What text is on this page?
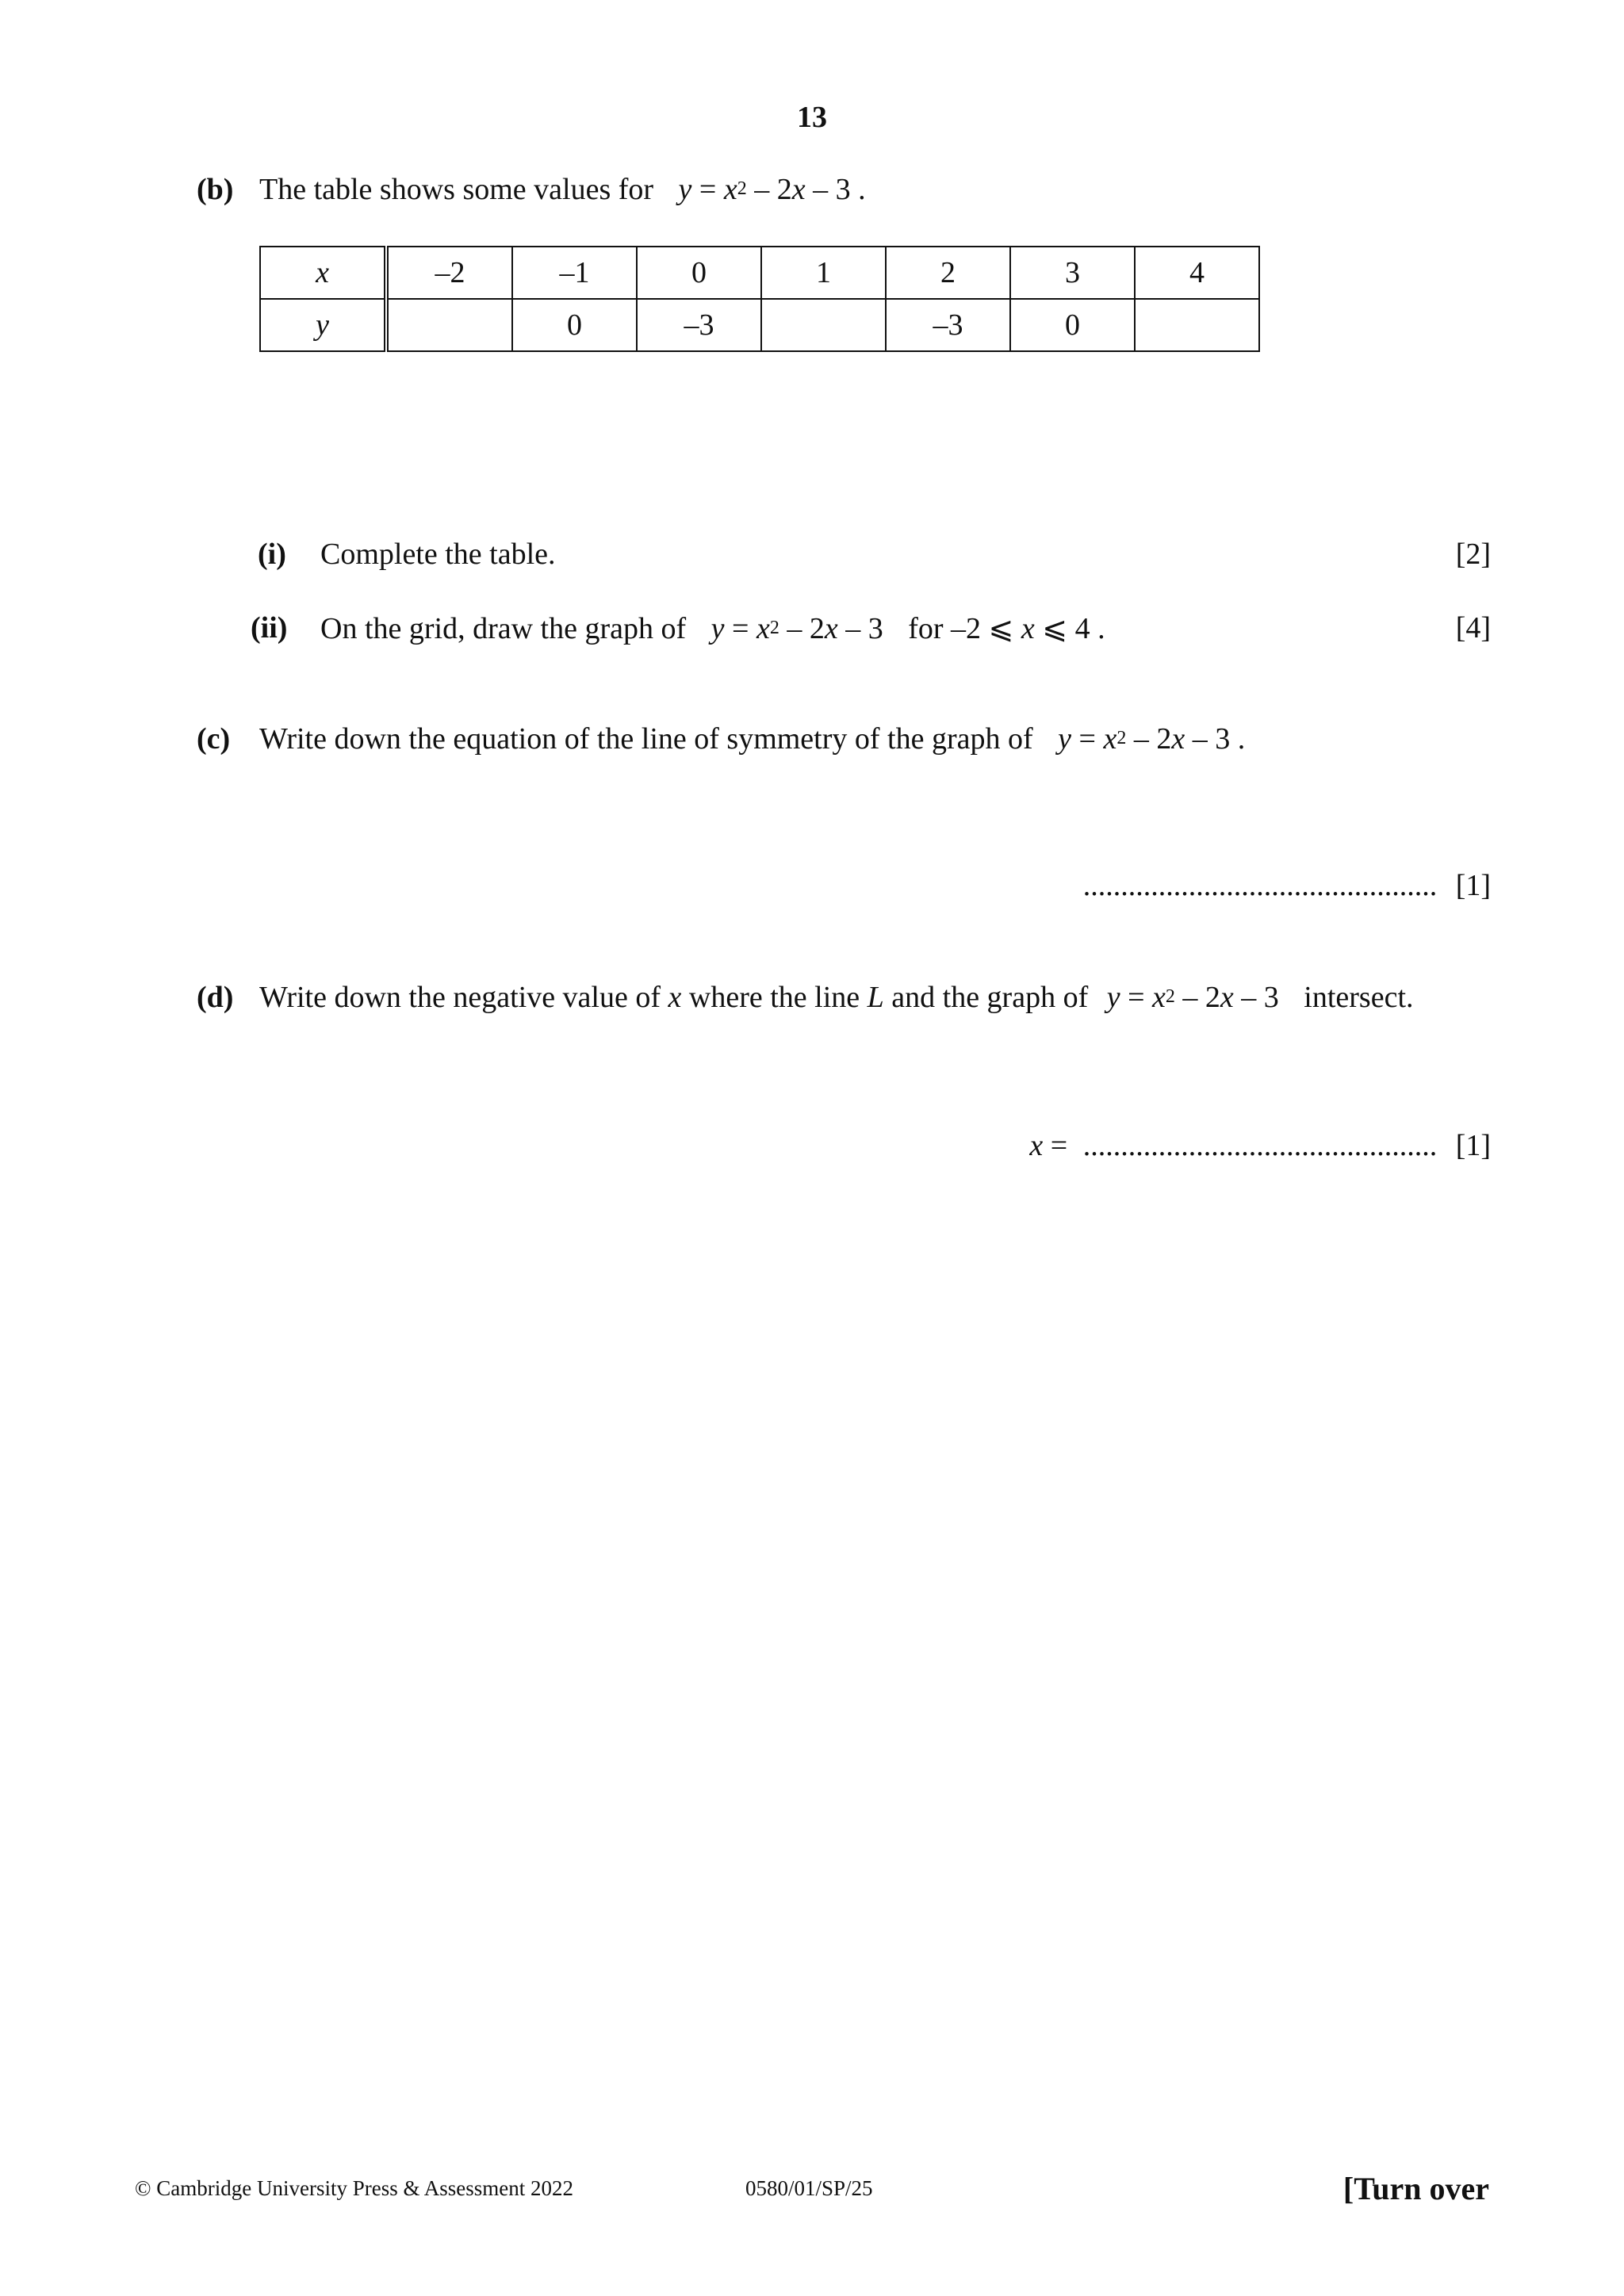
13
(b) The table shows some values for $y = x^2 - 2x - 3$ .
x	–2	–1	0	1	2	3	4
y		0	–3		–3	0	
(i) Complete the table.	[2]
(ii) On the grid, draw the graph of $y = x^2 - 2x - 3$ for –2 ⩽ x ⩽ 4 .	[4]
(c) Write down the equation of the line of symmetry of the graph of $y = x^2 - 2x - 3$ .
............................................... [1]
(d) Write down the negative value of x where the line L and the graph of $y = x^2 - 2x - 3$ intersect.
x = ............................................... [1]
© Cambridge University Press & Assessment 2022	0580/01/SP/25	[Turn over
